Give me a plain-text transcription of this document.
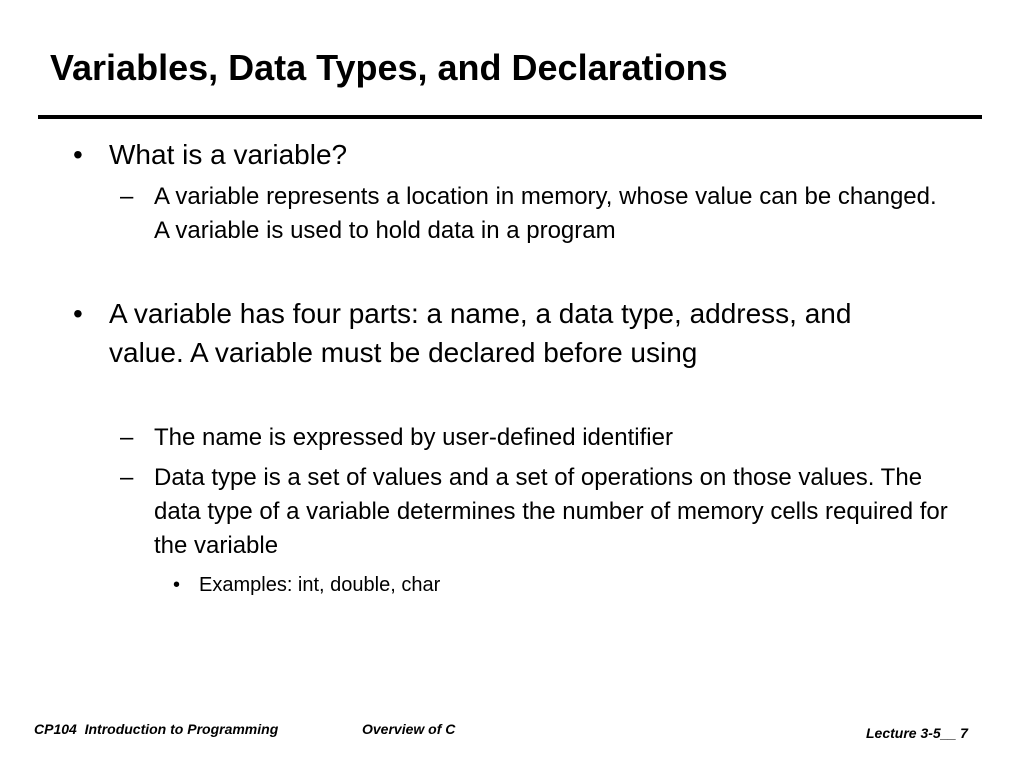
Variables, Data Types, and Declarations
• What is a variable?
– A variable represents a location in memory, whose value can be changed. A variable is used to hold data in a program
• A variable has four parts: a name, a data type, address, and value. A variable must be declared before using
– The name is expressed by user-defined identifier
– Data type is a set of values and a set of operations on those values. The data type of a variable determines the number of memory cells required for the variable
• Examples: int, double, char
CP104  Introduction to Programming	Overview of C	Lecture 3-5__ 7
